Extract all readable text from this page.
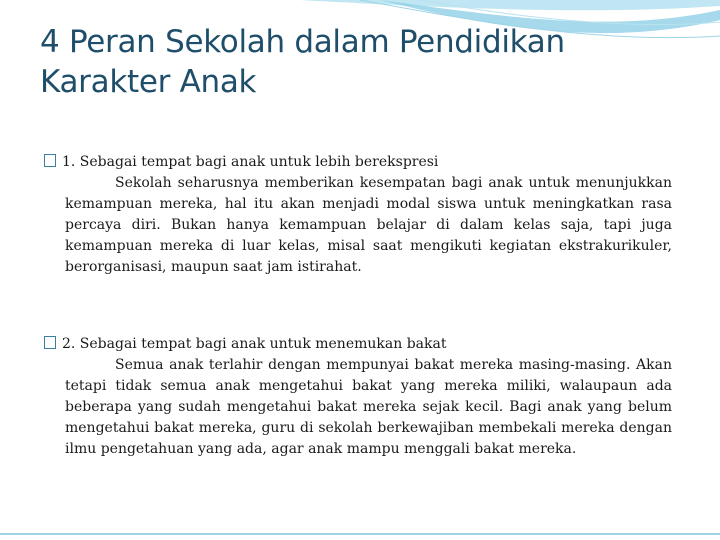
4 Peran Sekolah dalam Pendidikan
Karakter Anak
1. Sebagai tempat bagi anak untuk lebih berekspresi

Sekolah seharusnya memberikan kesempatan bagi anak untuk menunjukkan kemampuan mereka, hal itu akan menjadi modal siswa untuk meningkatkan rasa percaya diri. Bukan hanya kemampuan belajar di dalam kelas saja, tapi juga kemampuan mereka di luar kelas, misal saat mengikuti kegiatan ekstrakurikuler, berorganisasi, maupun saat jam istirahat.

2. Sebagai tempat bagi anak untuk menemukan bakat

Semua anak terlahir dengan mempunyai bakat mereka masing-masing. Akan tetapi tidak semua anak mengetahui bakat yang mereka miliki, walaupaun ada beberapa yang sudah mengetahui bakat mereka sejak kecil. Bagi anak yang belum mengetahui bakat mereka, guru di sekolah berkewajiban membekali mereka dengan ilmu pengetahuan yang ada, agar anak mampu menggali bakat mereka.
